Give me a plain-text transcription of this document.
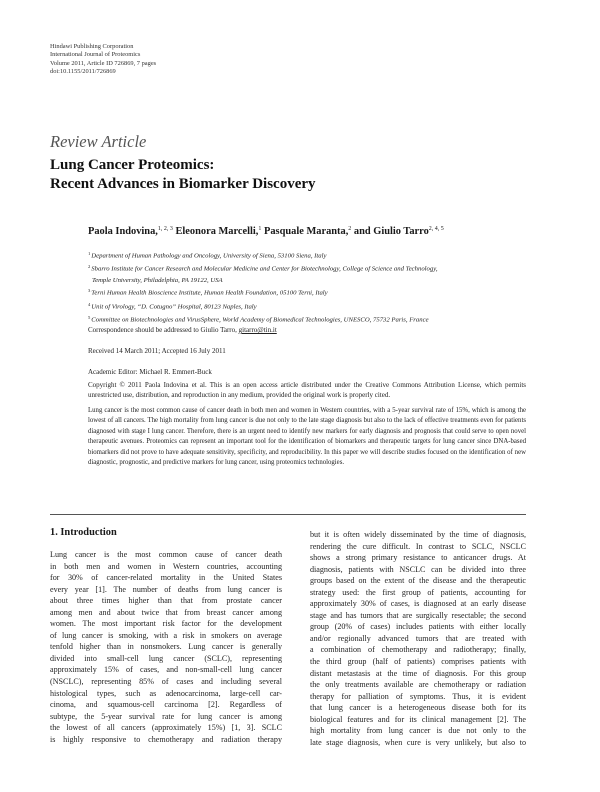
Hindawi Publishing Corporation
International Journal of Proteomics
Volume 2011, Article ID 726869, 7 pages
doi:10.1155/2011/726869
Review Article
Lung Cancer Proteomics:
Recent Advances in Biomarker Discovery
Paola Indovina,$^{1, 2, 3}$ Eleonora Marcelli,$^1$ Pasquale Maranta,$^2$ and Giulio Tarro$^{2, 4, 5}$
$^1$Department of Human Pathology and Oncology, University of Siena, 53100 Siena, Italy
$^2$Sbarro Institute for Cancer Research and Molecular Medicine and Center for Biotechnology, College of Science and Technology,
Temple University, Philadelphia, PA 19122, USA
$^3$Terni Human Health Bioscience Institute, Human Health Foundation, 05100 Terni, Italy
$^4$Unit of Virology, “D. Cotugno” Hospital, 80123 Naples, Italy
$^5$Committee on Biotechnologies and VirusSphere, World Academy of Biomedical Technologies, UNESCO, 75732 Paris, France
Correspondence should be addressed to Giulio Tarro, gitarro@tin.it
Received 14 March 2011; Accepted 16 July 2011
Academic Editor: Michael R. Emmert-Buck
Copyright © 2011 Paola Indovina et al. This is an open access article distributed under the Creative Commons Attribution License, which permits unrestricted use, distribution, and reproduction in any medium, provided the original work is properly cited.
Lung cancer is the most common cause of cancer death in both men and women in Western countries, with a 5-year survival rate of 15%, which is among the lowest of all cancers. The high mortality from lung cancer is due not only to the late stage diagnosis but also to the lack of effective treatments even for patients diagnosed with stage I lung cancer. Therefore, there is an urgent need to identify new markers for early diagnosis and prognosis that could serve to open novel therapeutic avenues. Proteomics can represent an important tool for the identification of biomarkers and therapeutic targets for lung cancer since DNA-based biomarkers did not prove to have adequate sensitivity, specificity, and reproducibility. In this paper we will describe studies focused on the identification of new diagnostic, prognostic, and predictive markers for lung cancer, using proteomics technologies.
1. Introduction
Lung cancer is the most common cause of cancer death
in both men and women in Western countries, accounting
for 30% of cancer-related mortality in the United States
every year [1]. The number of deaths from lung cancer is
about three times higher than that from prostate cancer
among men and about twice that from breast cancer among
women. The most important risk factor for the development
of lung cancer is smoking, with a risk in smokers on average
tenfold higher than in nonsmokers. Lung cancer is generally
divided into small-cell lung cancer (SCLC), representing
approximately 15% of cases, and non-small-cell lung cancer
(NSCLC), representing 85% of cases and including several
histological types, such as adenocarcinoma, large-cell car-
cinoma, and squamous-cell carcinoma [2]. Regardless of
subtype, the 5-year survival rate for lung cancer is among
the lowest of all cancers (approximately 15%) [1, 3]. SCLC
is highly responsive to chemotherapy and radiation therapy
but it is often widely disseminated by the time of diagnosis,
rendering the cure difficult. In contrast to SCLC, NSCLC
shows a strong primary resistance to anticancer drugs. At
diagnosis, patients with NSCLC can be divided into three
groups based on the extent of the disease and the therapeutic
strategy used: the first group of patients, accounting for
approximately 30% of cases, is diagnosed at an early disease
stage and has tumors that are surgically resectable; the second
group (20% of cases) includes patients with either locally
and/or regionally advanced tumors that are treated with
a combination of chemotherapy and radiotherapy; finally,
the third group (half of patients) comprises patients with
distant metastasis at the time of diagnosis. For this group
the only treatments available are chemotherapy or radiation
therapy for palliation of symptoms. Thus, it is evident
that lung cancer is a heterogeneous disease both for its
biological features and for its clinical management [2]. The
high mortality from lung cancer is due not only to the
late stage diagnosis, when cure is very unlikely, but also to
